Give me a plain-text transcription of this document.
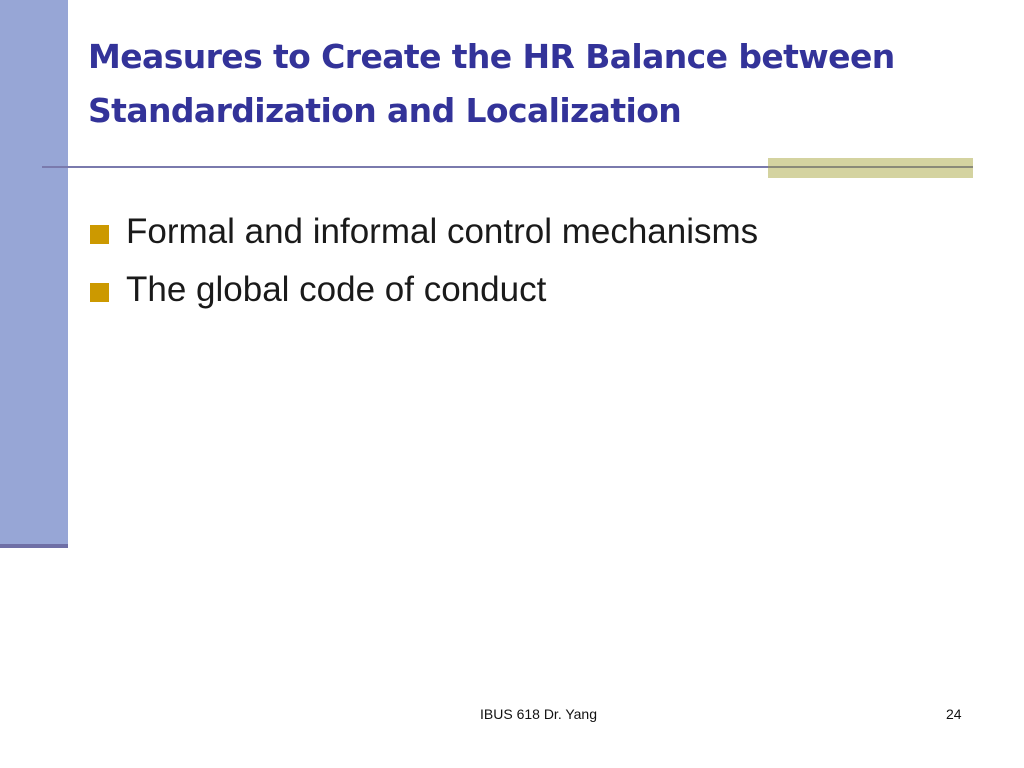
Measures to Create the HR Balance between
Standardization and Localization
Formal and informal control mechanisms
The global code of conduct
IBUS 618 Dr. Yang	24
